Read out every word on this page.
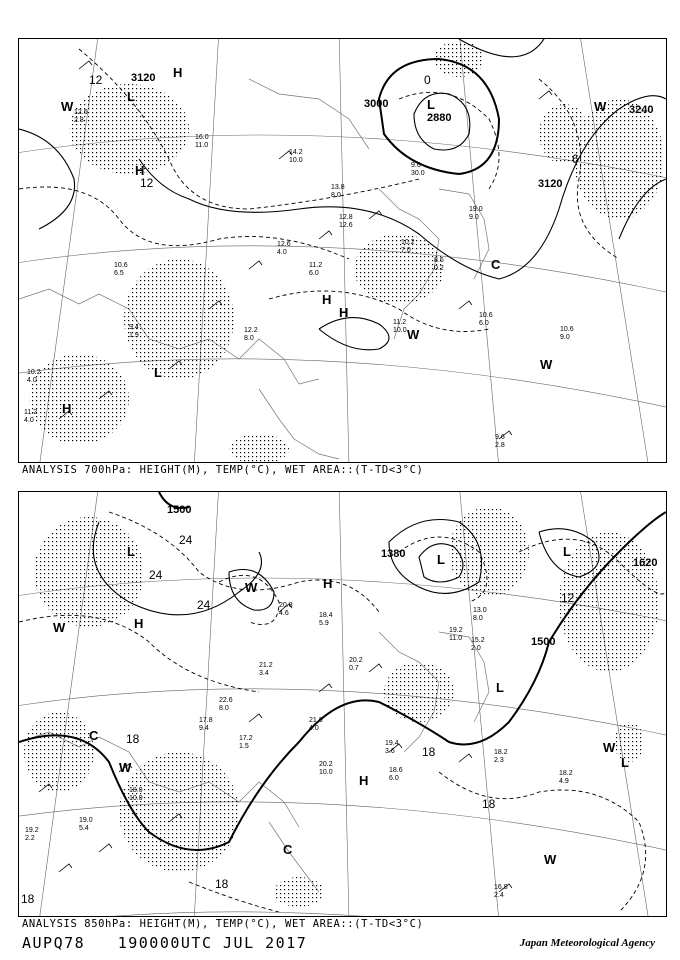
3120
3000
2880
3240
3120
12
12
6
0
H
L
L
H
H
L
H
H
C
W	W
W
W
14.2
10.0
16.0
11.0
13.8
8.0
11.2
6.0
12.6
4.0
9.6
2.8
10.6
6.0
10.6
9.0
11.2
10.0
12.2
8.0
19.0
9.0
9.6
30.0
8.6
0.2
10.2
7.0
12.8
12.6
12.6
2.8
11.2
4.0
10.2
4.0
9.4
1.9
10.6
6.5
ANALYSIS 700hPa: HEIGHT(M), TEMP(°C), WET AREA::(T-TD<3°C)
1500
1380
1500
1620
24
24
24
18
18
18
18
12
18
L
H
H
L
L
L
H
L
W
W
W
W
W
C
C
20.2
10.0
18.2
2.3
18.2
4.9
16.8
2.4
18.6
6.0
19.4
3.6
17.2
1.5
21.6
4.0
20.2
0.7
19.2
11.0 15.2
2.0
13.0
8.0
18.0
10.0
22.6
8.0
19.0
5.4
20.8
4.6	18.4
5.9
17.8
9.4
19.2
2.2
21.2
3.4
ANALYSIS 850hPa: HEIGHT(M), TEMP(°C), WET AREA::(T-TD<3°C)
AUPQ78 190000UTC JUL 2017	Japan Meteorological Agency
